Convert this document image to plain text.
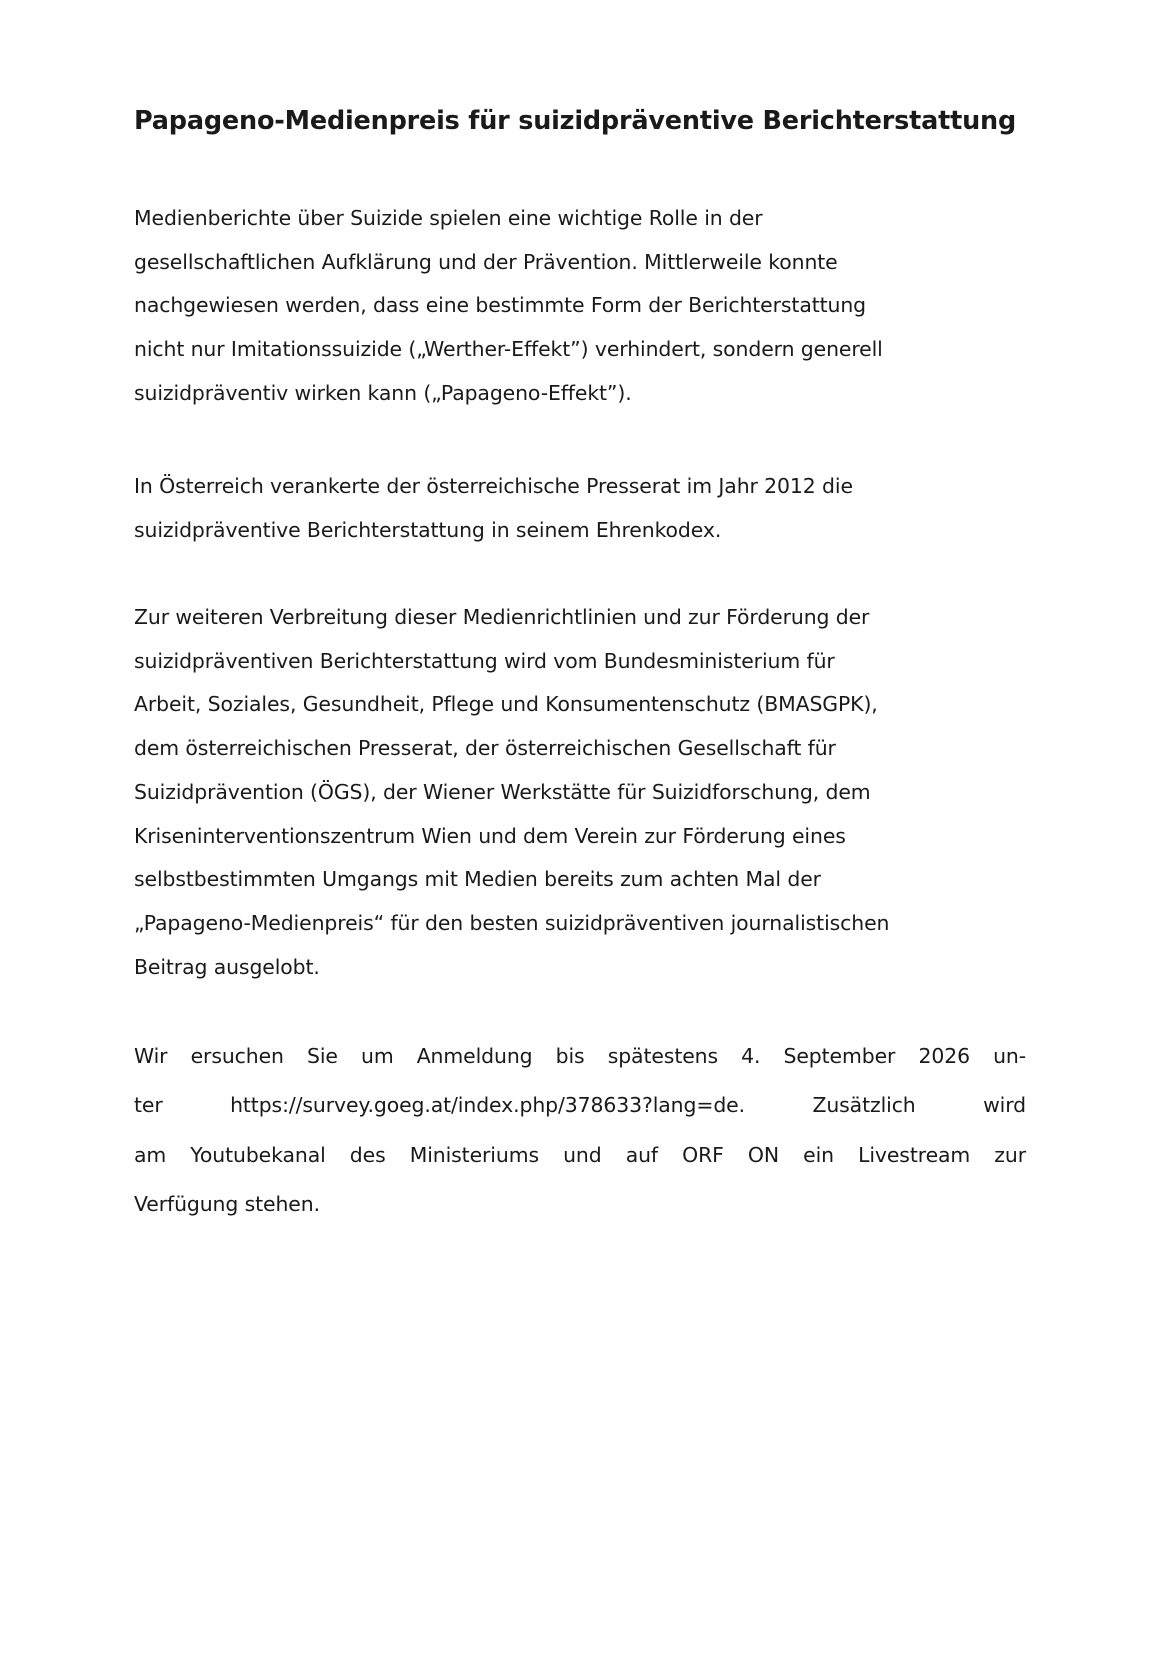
Papageno-Medienpreis für suizidpräventive Berichterstattung

Medienberichte über Suizide spielen eine wichtige Rolle in der
gesellschaftlichen Aufklärung und der Prävention. Mittlerweile konnte
nachgewiesen werden, dass eine bestimmte Form der Berichterstattung
nicht nur Imitationssuizide („Werther-Effekt”) verhindert, sondern generell
suizidpräventiv wirken kann („Papageno-Effekt”).

In Österreich verankerte der österreichische Presserat im Jahr 2012 die
suizidpräventive Berichterstattung in seinem Ehrenkodex.

Zur weiteren Verbreitung dieser Medienrichtlinien und zur Förderung der
suizidpräventiven Berichterstattung wird vom Bundesministerium für
Arbeit, Soziales, Gesundheit, Pflege und Konsumentenschutz (BMASGPK),
dem österreichischen Presserat, der österreichischen Gesellschaft für
Suizidprävention (ÖGS), der Wiener Werkstätte für Suizidforschung, dem
Kriseninterventionszentrum Wien und dem Verein zur Förderung eines
selbstbestimmten Umgangs mit Medien bereits zum achten Mal der
„Papageno-Medienpreis“ für den besten suizidpräventiven journalistischen
Beitrag ausgelobt.

Wir ersuchen Sie um Anmeldung bis spätestens 4. September 2026 un-
ter https://survey.goeg.at/index.php/378633?lang=de. Zusätzlich wird
am Youtubekanal des Ministeriums und auf ORF ON ein Livestream zur
Verfügung stehen.
